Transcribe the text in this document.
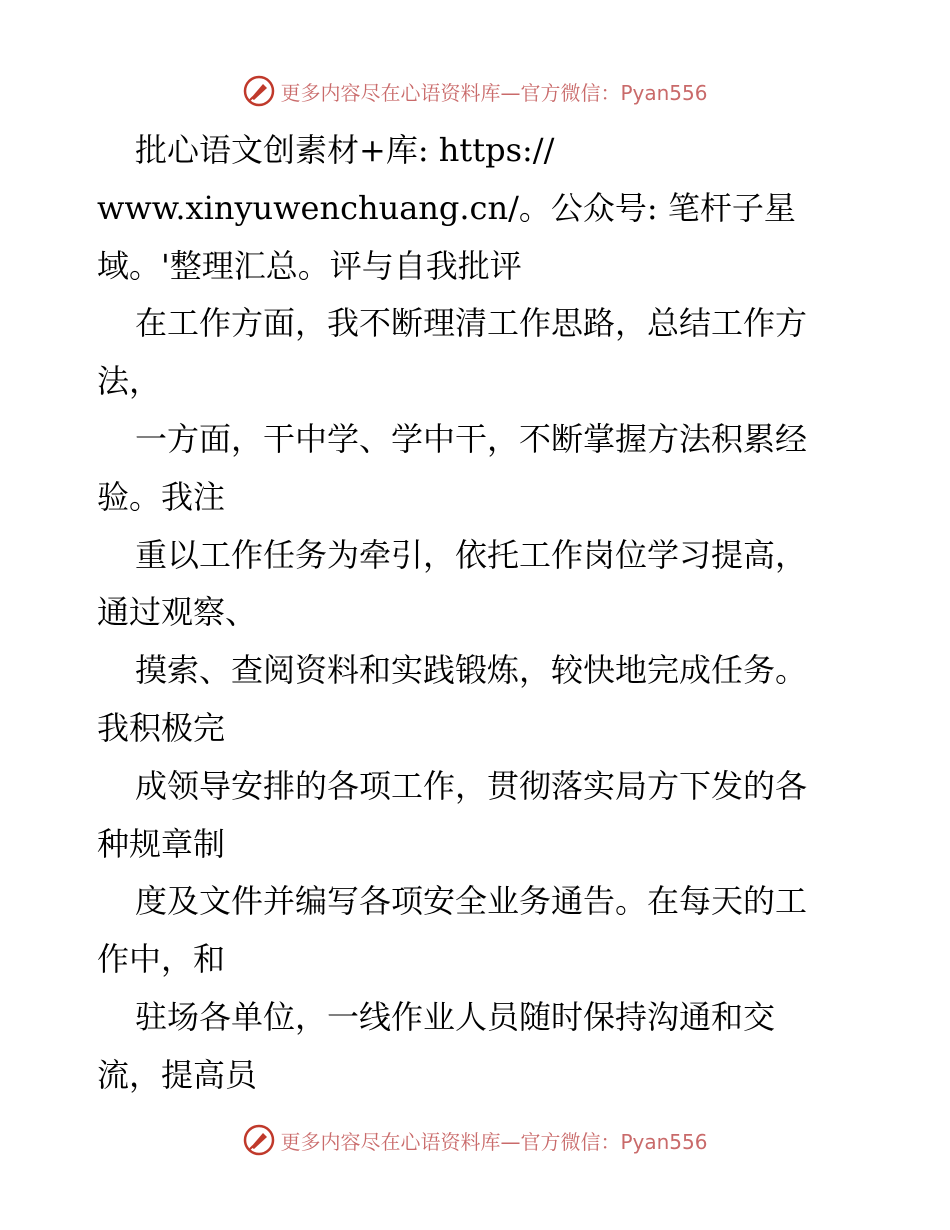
更多内容尽在心语资料库—官方微信：Pyan556
批心语文创素材+库: https://
www.xinyuwenchuang.cn/。公众号: 笔杆子星
域。'整理汇总。评与自我批评
在工作方面，我不断理清工作思路，总结工作方
法，
一方面，干中学、学中干，不断掌握方法积累经
验。我注
重以工作任务为牵引，依托工作岗位学习提高，
通过观察、
摸索、查阅资料和实践锻炼，较快地完成任务。
我积极完
成领导安排的各项工作，贯彻落实局方下发的各
种规章制
度及文件并编写各项安全业务通告。在每天的工
作中，和
驻场各单位，一线作业人员随时保持沟通和交
流，提高员
更多内容尽在心语资料库—官方微信：Pyan556
